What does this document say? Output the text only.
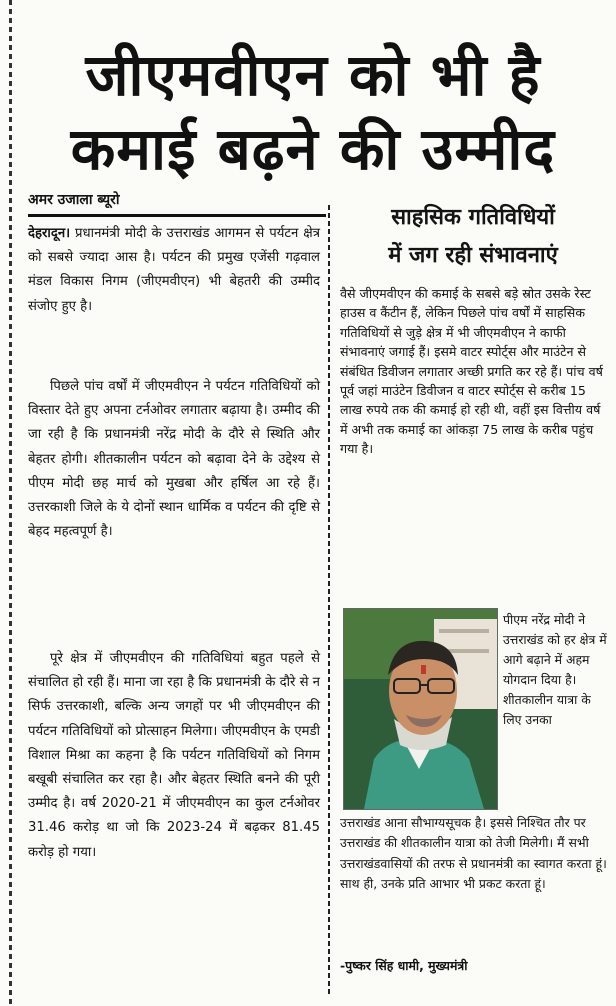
जीएमवीएन को भी है
कमाई बढ़ने की उम्मीद
अमर उजाला ब्यूरो

देहरादून। प्रधानमंत्री मोदी के उत्तराखंड आगमन से पर्यटन क्षेत्र को सबसे ज्यादा आस है। पर्यटन की प्रमुख एजेंसी गढ़वाल मंडल विकास निगम (जीएमवीएन) भी बेहतरी की उम्मीद संजोए हुए है।

पिछले पांच वर्षों में जीएमवीएन ने पर्यटन गतिविधियों को विस्तार देते हुए अपना टर्नओवर लगातार बढ़ाया है। उम्मीद की जा रही है कि प्रधानमंत्री नरेंद्र मोदी के दौरे से स्थिति और बेहतर होगी। शीतकालीन पर्यटन को बढ़ावा देने के उद्देश्य से पीएम मोदी छह मार्च को मुखबा और हर्षिल आ रहे हैं। उत्तरकाशी जिले के ये दोनों स्थान धार्मिक व पर्यटन की दृष्टि से बेहद महत्वपूर्ण है।

पूरे क्षेत्र में जीएमवीएन की गतिविधियां बहुत पहले से संचालित हो रही हैं। माना जा रहा है कि प्रधानमंत्री के दौरे से न सिर्फ उत्तरकाशी, बल्कि अन्य जगहों पर भी जीएमवीएन की पर्यटन गतिविधियों को प्रोत्साहन मिलेगा। जीएमवीएन के एमडी विशाल मिश्रा का कहना है कि पर्यटन गतिविधियों को निगम बखूबी संचालित कर रहा है। और बेहतर स्थिति बनने की पूरी उम्मीद है। वर्ष 2020-21 में जीएमवीएन का कुल टर्नओवर 31.46 करोड़ था जो कि 2023-24 में बढ़कर 81.45 करोड़ हो गया।

साहसिक गतिविधियों
में जग रही संभावनाएं

वैसे जीएमवीएन की कमाई के सबसे बड़े स्रोत उसके रेस्ट हाउस व कैंटीन हैं, लेकिन पिछले पांच वर्षों में साहसिक गतिविधियों से जुड़े क्षेत्र में भी जीएमवीएन ने काफी संभावनाएं जगाई हैं। इसमे वाटर स्पोर्ट्स और माउंटेन से संबंधित डिवीजन लगातार अच्छी प्रगति कर रहे हैं। पांच वर्ष पूर्व जहां माउंटेन डिवीजन व वाटर स्पोर्ट्स से करीब 15 लाख रुपये तक की कमाई हो रही थी, वहीं इस वित्तीय वर्ष में अभी तक कमाई का आंकड़ा 75 लाख के करीब पहुंच गया है।

पीएम नरेंद्र मोदी ने उत्तराखंड को हर क्षेत्र में आगे बढ़ाने में अहम योगदान दिया है। शीतकालीन यात्रा के लिए उनका

उत्तराखंड आना सौभाग्यसूचक है। इससे निश्चित तौर पर उत्तराखंड की शीतकालीन यात्रा को तेजी मिलेगी। मैं सभी उत्तराखंडवासियों की तरफ से प्रधानमंत्री का स्वागत करता हूं। साथ ही, उनके प्रति आभार भी प्रकट करता हूं।

-पुष्कर सिंह धामी, मुख्यमंत्री
